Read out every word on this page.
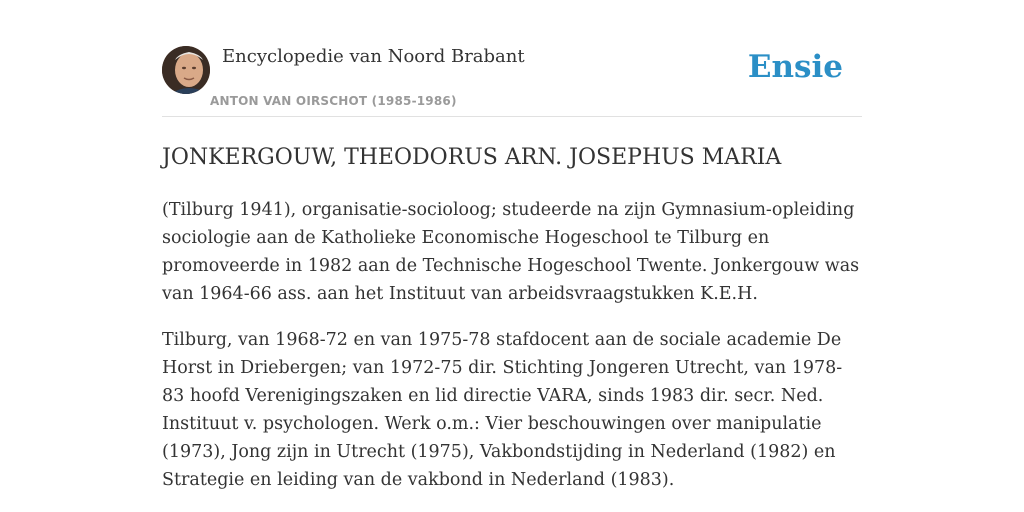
Encyclopedie van Noord Brabant
ANTON VAN OIRSCHOT (1985-1986)
Ensie
JONKERGOUW, THEODORUS ARN. JOSEPHUS MARIA

(Tilburg 1941), organisatie-socioloog; studeerde na zijn Gymnasium-opleiding sociologie aan de Katholieke Economische Hogeschool te Tilburg en promoveerde in 1982 aan de Technische Hogeschool Twente. Jonkergouw was van 1964-66 ass. aan het Instituut van arbeidsvraagstukken K.E.H.

Tilburg, van 1968-72 en van 1975-78 stafdocent aan de sociale academie De Horst in Driebergen; van 1972-75 dir. Stichting Jongeren Utrecht, van 1978-83 hoofd Verenigingszaken en lid directie VARA, sinds 1983 dir. secr. Ned. Instituut v. psychologen. Werk o.m.: Vier beschouwingen over manipulatie (1973), Jong zijn in Utrecht (1975), Vakbondstijding in Nederland (1982) en Strategie en leiding van de vakbond in Nederland (1983).
